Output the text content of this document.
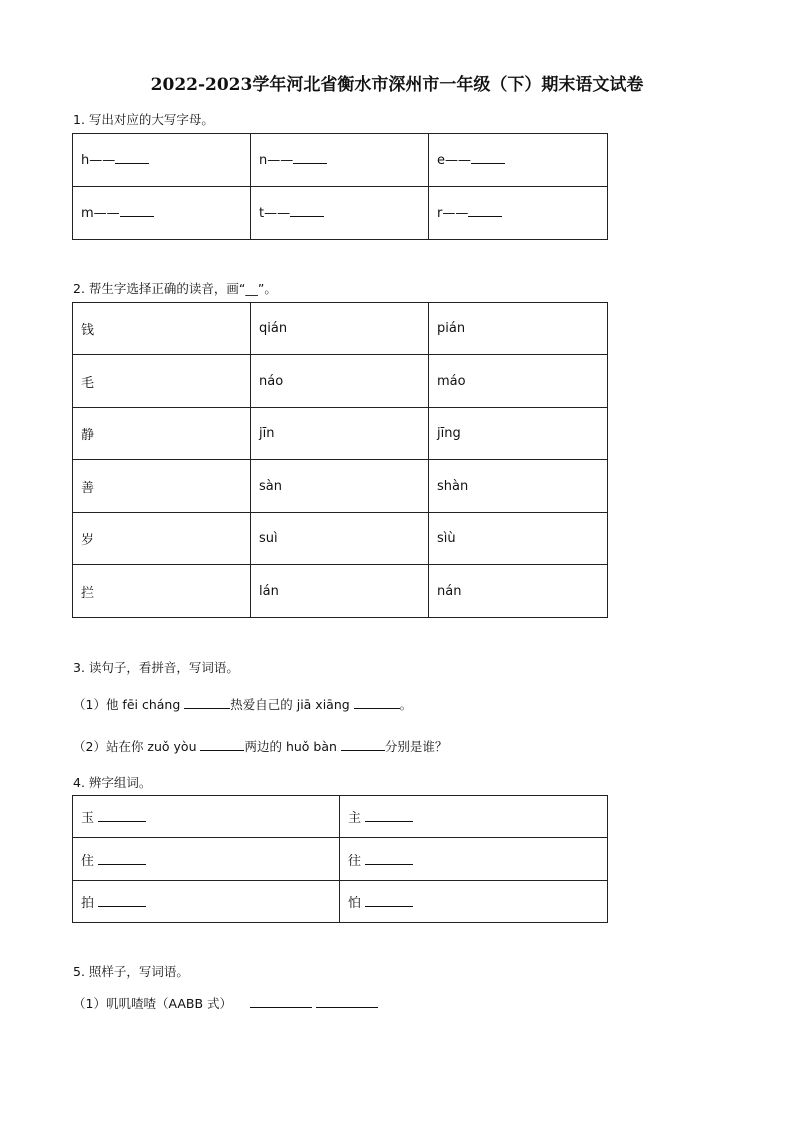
2022-2023学年河北省衡水市深州市一年级（下）期末语文试卷
1. 写出对应的大写字母。
h——	n——	e——
m——	t——	r——
2. 帮生字选择正确的读音，画“__”。
钱	qián	pián
毛	náo	máo
静	jīn	jīng
善	sàn	shàn
岁	suì	sìù
拦	lán	nán
3. 读句子，看拼音，写词语。
（1）他 fēi cháng	热爱自己的 jiā xiāng	。
（2）站在你 zuǒ yòu	两边的 huǒ bàn	分别是谁？
4. 辨字组词。
玉	主
住	往
拍	怕
5. 照样子，写词语。
（1）叽叽喳喳（AABB 式）
